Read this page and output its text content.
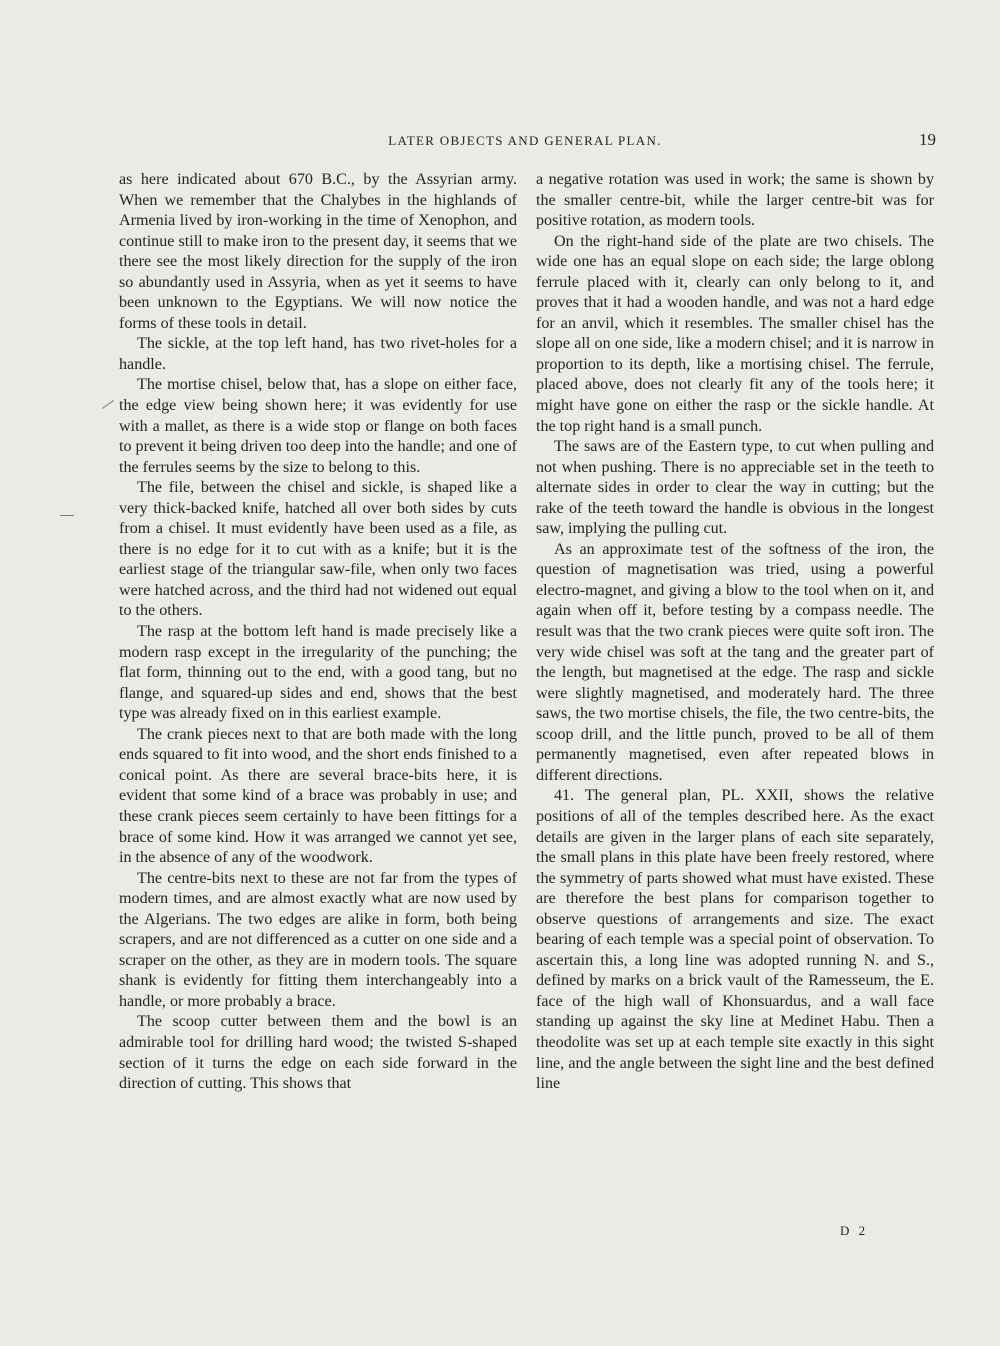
LATER OBJECTS AND GENERAL PLAN.	19

as here indicated about 670 B.C., by the Assyrian army. When we remember that the Chalybes in the highlands of Armenia lived by iron-working in the time of Xenophon, and continue still to make iron to the present day, it seems that we there see the most likely direction for the supply of the iron so abundantly used in Assyria, when as yet it seems to have been unknown to the Egyptians. We will now notice the forms of these tools in detail.

The sickle, at the top left hand, has two rivet-holes for a handle.

The mortise chisel, below that, has a slope on either face, the edge view being shown here; it was evidently for use with a mallet, as there is a wide stop or flange on both faces to prevent it being driven too deep into the handle; and one of the ferrules seems by the size to belong to this.

The file, between the chisel and sickle, is shaped like a very thick-backed knife, hatched all over both sides by cuts from a chisel. It must evidently have been used as a file, as there is no edge for it to cut with as a knife; but it is the earliest stage of the triangular saw-file, when only two faces were hatched across, and the third had not widened out equal to the others.

The rasp at the bottom left hand is made precisely like a modern rasp except in the irregularity of the punching; the flat form, thinning out to the end, with a good tang, but no flange, and squared-up sides and end, shows that the best type was already fixed on in this earliest example.

The crank pieces next to that are both made with the long ends squared to fit into wood, and the short ends finished to a conical point. As there are several brace-bits here, it is evident that some kind of a brace was probably in use; and these crank pieces seem certainly to have been fittings for a brace of some kind. How it was arranged we cannot yet see, in the absence of any of the woodwork.

The centre-bits next to these are not far from the types of modern times, and are almost exactly what are now used by the Algerians. The two edges are alike in form, both being scrapers, and are not differenced as a cutter on one side and a scraper on the other, as they are in modern tools. The square shank is evidently for fitting them interchangeably into a handle, or more probably a brace.

The scoop cutter between them and the bowl is an admirable tool for drilling hard wood; the twisted S-shaped section of it turns the edge on each side forward in the direction of cutting. This shows that

a negative rotation was used in work; the same is shown by the smaller centre-bit, while the larger centre-bit was for positive rotation, as modern tools.

On the right-hand side of the plate are two chisels. The wide one has an equal slope on each side; the large oblong ferrule placed with it, clearly can only belong to it, and proves that it had a wooden handle, and was not a hard edge for an anvil, which it resembles. The smaller chisel has the slope all on one side, like a modern chisel; and it is narrow in proportion to its depth, like a mortising chisel. The ferrule, placed above, does not clearly fit any of the tools here; it might have gone on either the rasp or the sickle handle. At the top right hand is a small punch.

The saws are of the Eastern type, to cut when pulling and not when pushing. There is no appreciable set in the teeth to alternate sides in order to clear the way in cutting; but the rake of the teeth toward the handle is obvious in the longest saw, implying the pulling cut.

As an approximate test of the softness of the iron, the question of magnetisation was tried, using a powerful electro-magnet, and giving a blow to the tool when on it, and again when off it, before testing by a compass needle. The result was that the two crank pieces were quite soft iron. The very wide chisel was soft at the tang and the greater part of the length, but magnetised at the edge. The rasp and sickle were slightly magnetised, and moderately hard. The three saws, the two mortise chisels, the file, the two centre-bits, the scoop drill, and the little punch, proved to be all of them permanently magnetised, even after repeated blows in different directions.

41. The general plan, PL. XXII, shows the relative positions of all of the temples described here. As the exact details are given in the larger plans of each site separately, the small plans in this plate have been freely restored, where the symmetry of parts showed what must have existed. These are therefore the best plans for comparison together to observe questions of arrangements and size. The exact bearing of each temple was a special point of observation. To ascertain this, a long line was adopted running N. and S., defined by marks on a brick vault of the Ramesseum, the E. face of the high wall of Khonsuardus, and a wall face standing up against the sky line at Medinet Habu. Then a theodolite was set up at each temple site exactly in this sight line, and the angle between the sight line and the best defined line

D 2
